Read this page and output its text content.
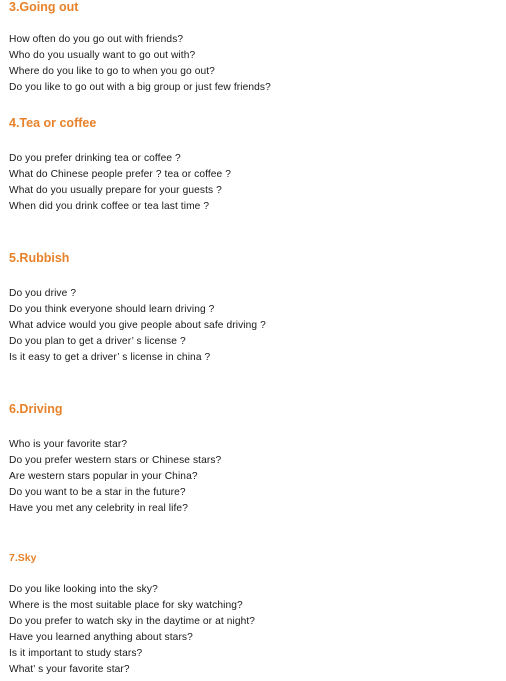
3.Going out
How often do you go out with friends?
Who do you usually want to go out with?
Where do you like to go to when you go out?
Do you like to go out with a big group or just few friends?
4.Tea or coffee
Do you prefer drinking tea or coffee ?
What do Chinese people prefer ? tea or coffee ?
What do you usually prepare for your guests ?
When did you drink coffee or tea last time ?
5.Rubbish
Do you drive ?
Do you think everyone should learn driving ?
What advice would you give people about safe driving ?
Do you plan to get a driver’ s license ?
Is it easy to get a driver’ s license in china ?
6.Driving
Who is your favorite star?
Do you prefer western stars or Chinese stars?
Are western stars popular in your China?
Do you want to be a star in the future?
Have you met any celebrity in real life?
7.Sky
Do you like looking into the sky?
Where is the most suitable place for sky watching?
Do you prefer to watch sky in the daytime or at night?
Have you learned anything about stars?
Is it important to study stars?
What’ s your favorite star?
